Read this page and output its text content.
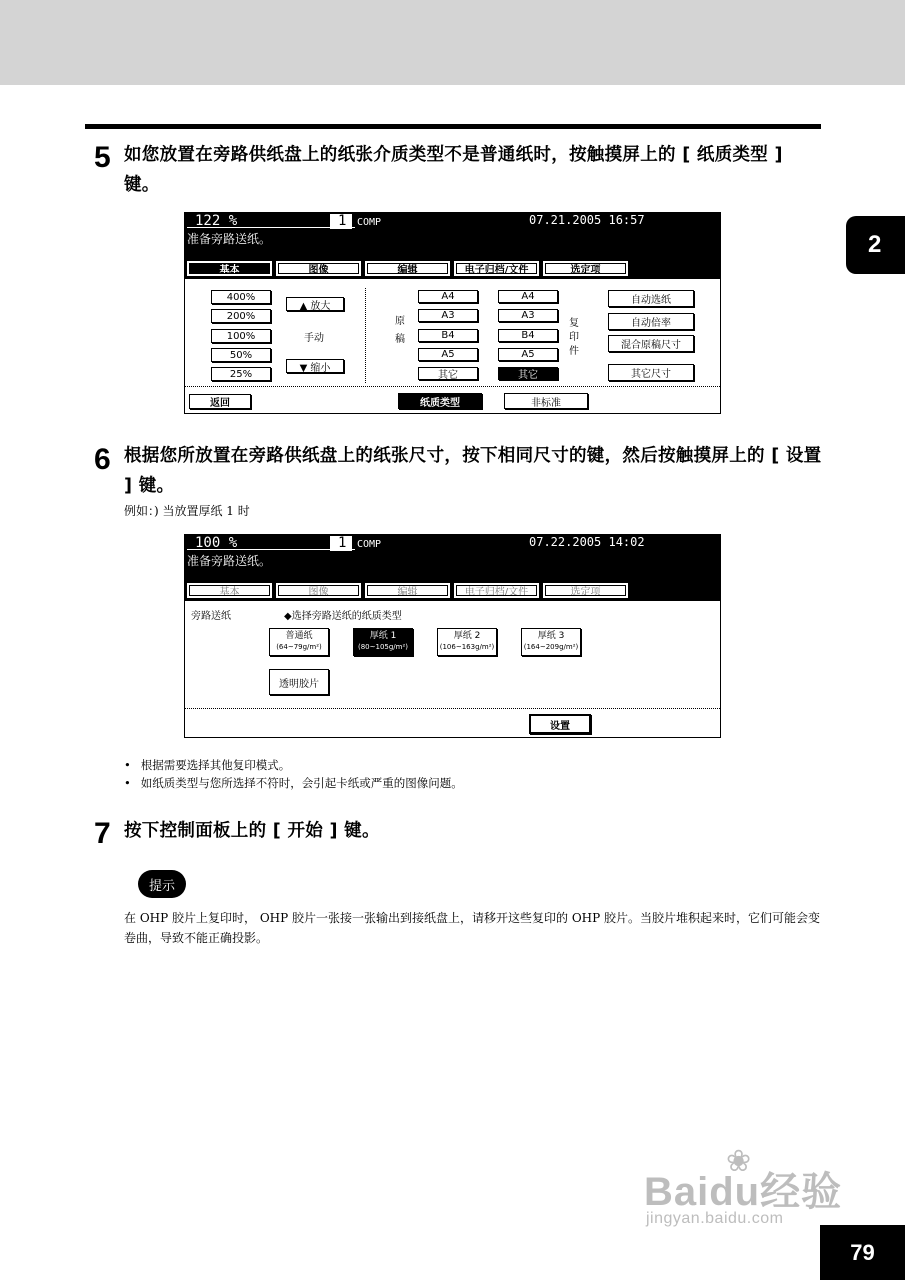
2
5 如您放置在旁路供纸盘上的纸张介质类型不是普通纸时，按触摸屏上的 [ 纸质类型 ] 键。
122 %	1 COMP	07.21.2005 16:57
准备旁路送纸。
基本	图像	编辑	电子归档/文件	选定项
400%
200%
100%
50%
25%
▲ 放大
手动
▼ 缩小
原稿
A4
A3
B4
A5
其它
A4
A3
B4
A5
其它
复印件
自动选纸
自动倍率
混合原稿尺寸
其它尺寸
返回	纸质类型	非标准
6 根据您所放置在旁路供纸盘上的纸张尺寸，按下相同尺寸的键，然后按触摸屏上的 [ 设置 ] 键。
例如：) 当放置厚纸 1 时
100 %	1 COMP	07.22.2005 14:02
准备旁路送纸。
基本	图像	编辑	电子归档/文件	选定项
旁路送纸	◆选择旁路送纸的纸质类型
普通纸
(64~79g/m²)
厚纸 1
(80~105g/m²)
厚纸 2
(106~163g/m²)
厚纸 3
(164~209g/m²)
透明胶片
设置
• 根据需要选择其他复印模式。
• 如纸质类型与您所选择不符时，会引起卡纸或严重的图像问题。
7 按下控制面板上的 [ 开始 ] 键。
提示
在 OHP 胶片上复印时， OHP 胶片一张接一张输出到接纸盘上，请移开这些复印的 OHP 胶片。当胶片堆积起来时，它们可能会变卷曲，导致不能正确投影。
❀
Baidu经验
jingyan.baidu.com
79
